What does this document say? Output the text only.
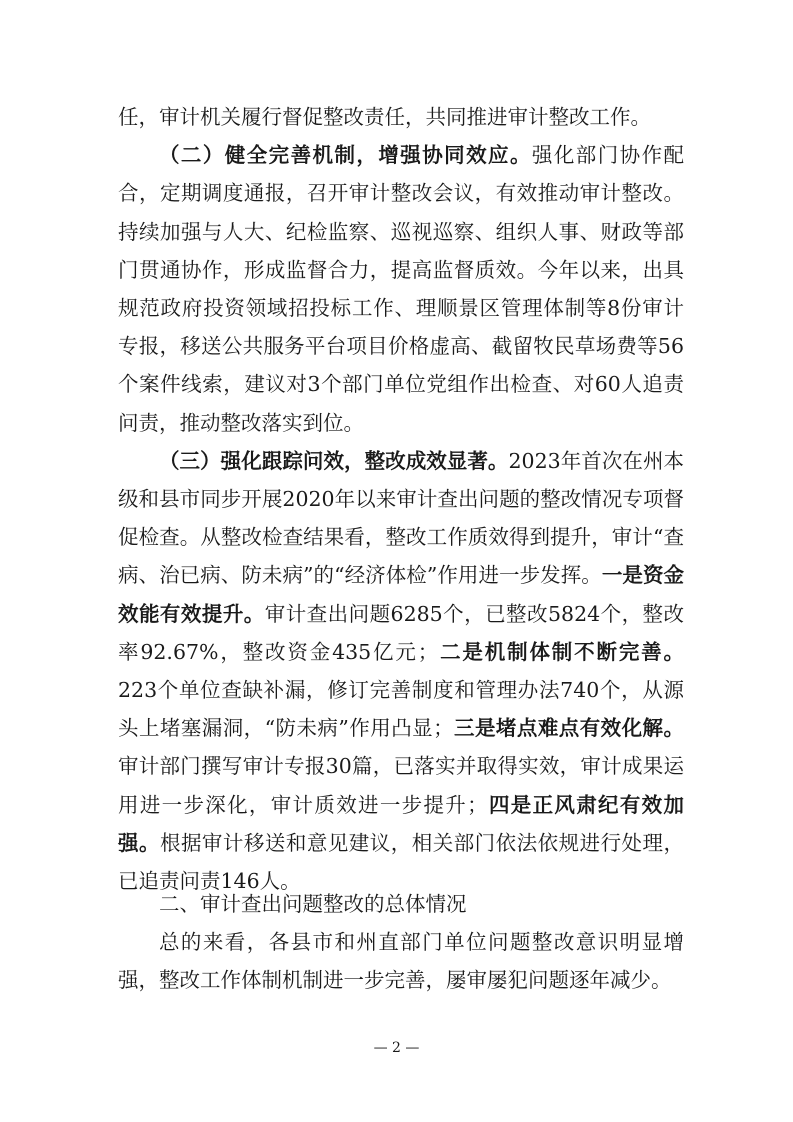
任，审计机关履行督促整改责任，共同推进审计整改工作。

（二）健全完善机制，增强协同效应。强化部门协作配合，定期调度通报，召开审计整改会议，有效推动审计整改。持续加强与人大、纪检监察、巡视巡察、组织人事、财政等部门贯通协作，形成监督合力，提高监督质效。今年以来，出具规范政府投资领域招投标工作、理顺景区管理体制等8份审计专报，移送公共服务平台项目价格虚高、截留牧民草场费等56个案件线索，建议对3个部门单位党组作出检查、对60人追责问责，推动整改落实到位。

（三）强化跟踪问效，整改成效显著。2023年首次在州本级和县市同步开展2020年以来审计查出问题的整改情况专项督促检查。从整改检查结果看，整改工作质效得到提升，审计“查病、治已病、防未病”的“经济体检”作用进一步发挥。一是资金效能有效提升。审计查出问题6285个，已整改5824个，整改率92.67%，整改资金435亿元；二是机制体制不断完善。223个单位查缺补漏，修订完善制度和管理办法740个，从源头上堵塞漏洞，“防未病”作用凸显；三是堵点难点有效化解。审计部门撰写审计专报30篇，已落实并取得实效，审计成果运用进一步深化，审计质效进一步提升；四是正风肃纪有效加强。根据审计移送和意见建议，相关部门依法依规进行处理，已追责问责146人。

二、审计查出问题整改的总体情况

总的来看，各县市和州直部门单位问题整改意识明显增强，整改工作体制机制进一步完善，屡审屡犯问题逐年减少。

— 2 —
